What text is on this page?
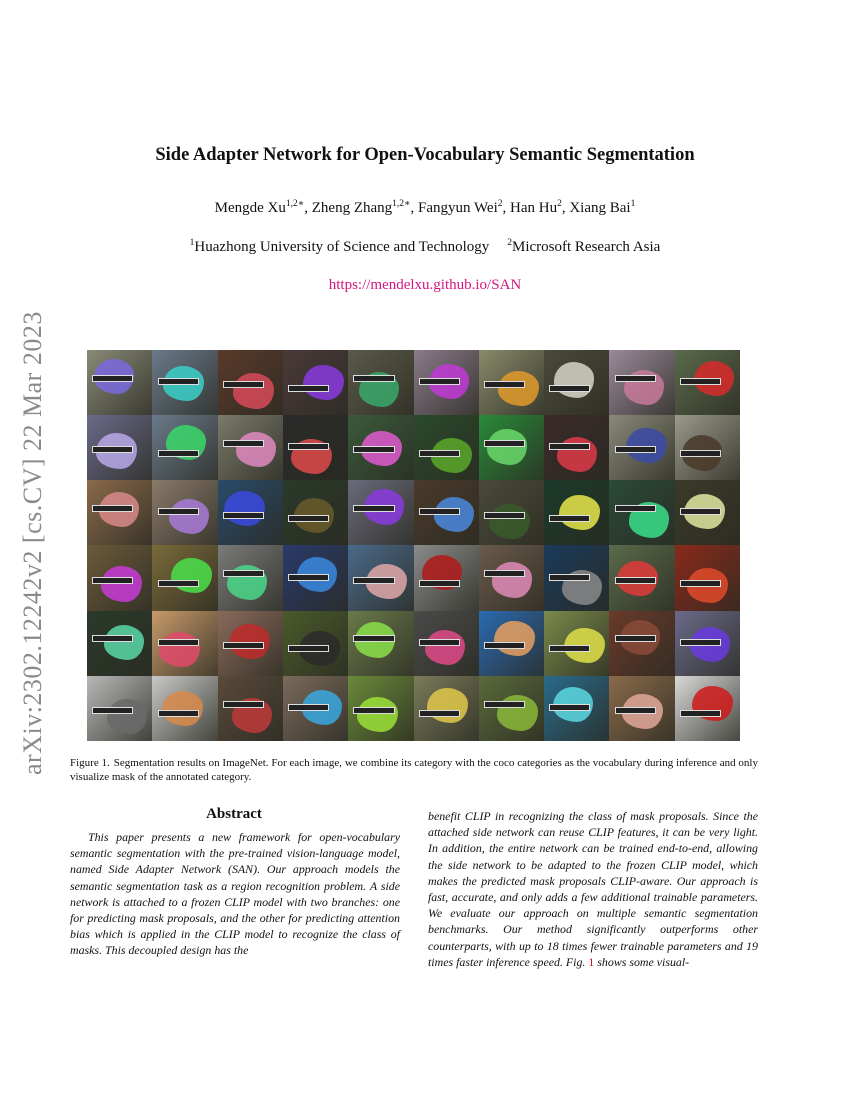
arXiv:2302.12242v2 [cs.CV] 22 Mar 2023
Side Adapter Network for Open-Vocabulary Semantic Segmentation
Mengde $Xu^{1,2∗}$, Zheng Zhang$^{1,2∗}$, Fangyun Wei$^2$, Han Hu$^2$, Xiang Bai$^1$
$^1$Huazhong University of Science and Technology $^2$Microsoft Research Asia
https://mendelxu.github.io/SAN
Figure 1. Segmentation results on ImageNet. For each image, we combine its category with the coco categories as the vocabulary during inference and only visualize mask of the annotated category.
Abstract

This paper presents a new framework for open-vocabulary semantic segmentation with the pre-trained vision-language model, named Side Adapter Network (SAN). Our approach models the semantic segmentation task as a region recognition problem. A side network is attached to a frozen CLIP model with two branches: one for predicting mask proposals, and the other for predicting attention bias which is applied in the CLIP model to recognize the class of masks. This decoupled design has the

benefit CLIP in recognizing the class of mask proposals. Since the attached side network can reuse CLIP features, it can be very light. In addition, the entire network can be trained end-to-end, allowing the side network to be adapted to the frozen CLIP model, which makes the predicted mask proposals CLIP-aware. Our approach is fast, accurate, and only adds a few additional trainable parameters. We evaluate our approach on multiple semantic segmentation benchmarks. Our method significantly outperforms other counterparts, with up to 18 times fewer trainable parameters and 19 times faster inference speed. Fig. 1 shows some visual-
